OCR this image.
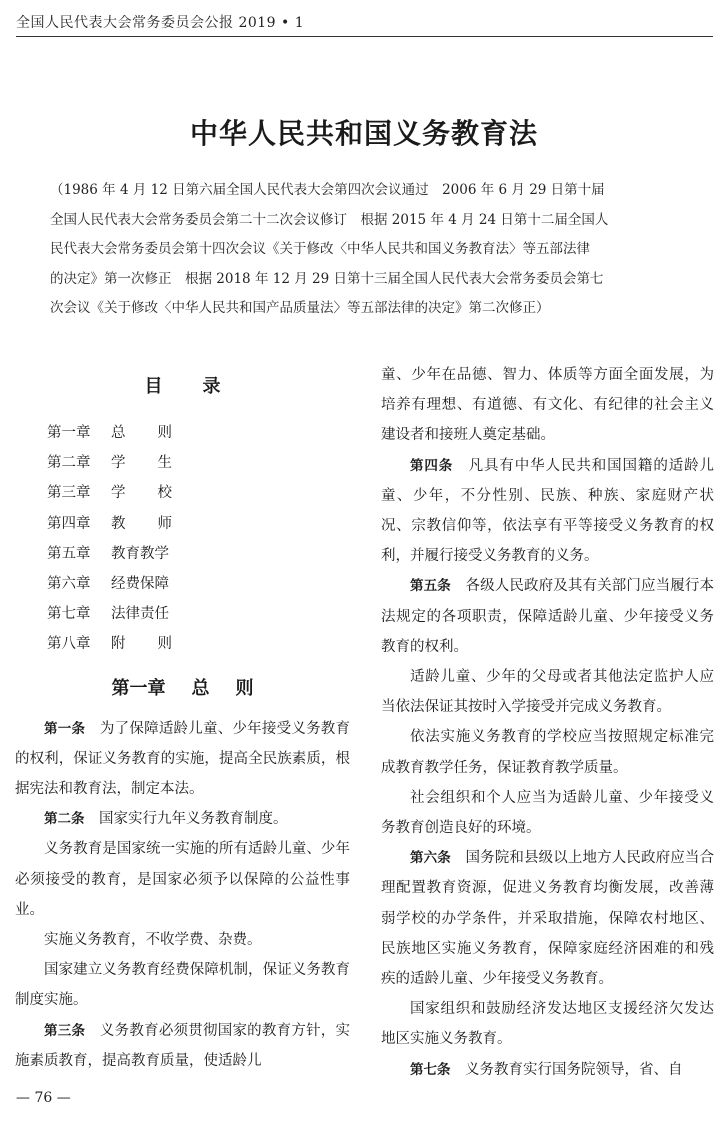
全国人民代表大会常务委员会公报 2019 • 1
中华人民共和国义务教育法
（1986 年 4 月 12 日第六届全国人民代表大会第四次会议通过　2006 年 6 月 29 日第十届
全国人民代表大会常务委员会第二十二次会议修订　根据 2015 年 4 月 24 日第十二届全国人
民代表大会常务委员会第十四次会议《关于修改〈中华人民共和国义务教育法〉等五部法律
的决定》第一次修正　根据 2018 年 12 月 29 日第十三届全国人民代表大会常务委员会第七
次会议《关于修改〈中华人民共和国产品质量法〉等五部法律的决定》第二次修正）
目录
第一章	总则
第二章	学生
第三章	学校
第四章	教师
第五章	教育教学
第六章	经费保障
第七章	法律责任
第八章	附则
第一章 总 则

第一条　 为了保障适龄儿童、少年接受义务教育的权利，保证义务教育的实施，提高全民族素质，根据宪法和教育法，制定本法。

第二条　 国家实行九年义务教育制度。

义务教育是国家统一实施的所有适龄儿童、少年必须接受的教育，是国家必须予以保障的公益性事业。

实施义务教育，不收学费、杂费。

国家建立义务教育经费保障机制，保证义务教育制度实施。

第三条　 义务教育必须贯彻国家的教育方针，实施素质教育，提高教育质量，使适龄儿

童、少年在品德、智力、体质等方面全面发展，为培养有理想、有道德、有文化、有纪律的社会主义建设者和接班人奠定基础。

第四条　 凡具有中华人民共和国国籍的适龄儿童、少年，不分性别、民族、种族、家庭财产状况、宗教信仰等，依法享有平等接受义务教育的权利，并履行接受义务教育的义务。

第五条　 各级人民政府及其有关部门应当履行本法规定的各项职责，保障适龄儿童、少年接受义务教育的权利。

适龄儿童、少年的父母或者其他法定监护人应当依法保证其按时入学接受并完成义务教育。

依法实施义务教育的学校应当按照规定标准完成教育教学任务，保证教育教学质量。

社会组织和个人应当为适龄儿童、少年接受义务教育创造良好的环境。

第六条　 国务院和县级以上地方人民政府应当合理配置教育资源，促进义务教育均衡发展，改善薄弱学校的办学条件，并采取措施，保障农村地区、民族地区实施义务教育，保障家庭经济困难的和残疾的适龄儿童、少年接受义务教育。

国家组织和鼓励经济发达地区支援经济欠发达地区实施义务教育。

第七条　 义务教育实行国务院领导，省、自

— 76 —
